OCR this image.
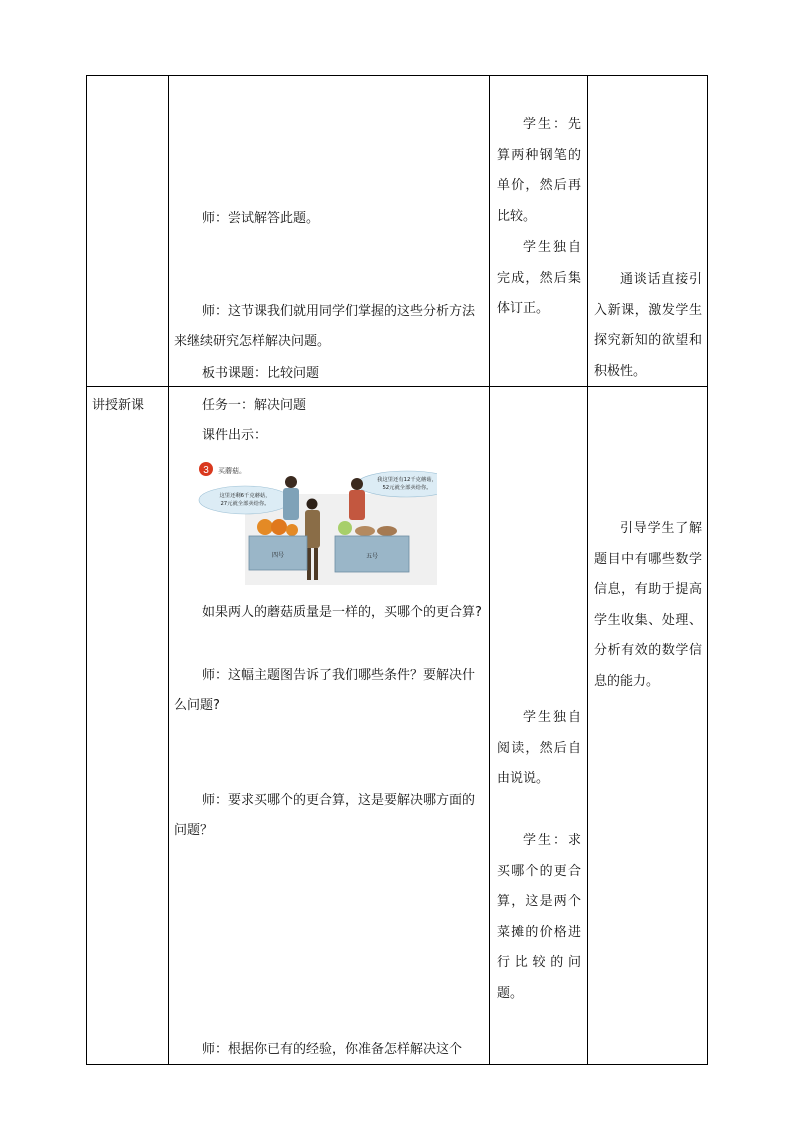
师：尝试解答此题。
师：这节课我们就用同学们掌握的这些分析方法来继续研究怎样解决问题。
板书课题：比较问题
学生：先算两种钢笔的单价，然后再比较。
学生独自完成，然后集体订正。
通谈话直接引入新课，激发学生探究新知的欲望和积极性。
讲授新课	任务一：解决问题
课件出示：
3 买蘑菇。
这里还剩6千克蘑菇，
27元就全部卖给你。
我这里还有12千克蘑菇，
52元就全部卖给你。
四号	五号
如果两人的蘑菇质量是一样的，买哪个的更合算?
师：这幅主题图告诉了我们哪些条件？要解决什么问题?
师：要求买哪个的更合算，这是要解决哪方面的问题？
师：根据你已有的经验，你准备怎样解决这个
学生独自阅读，然后自由说说。
学生：求买哪个的更合算，这是两个菜摊的价格进行比较的问题。
引导学生了解题目中有哪些数学信息，有助于提高学生收集、处理、分析有效的数学信息的能力。
